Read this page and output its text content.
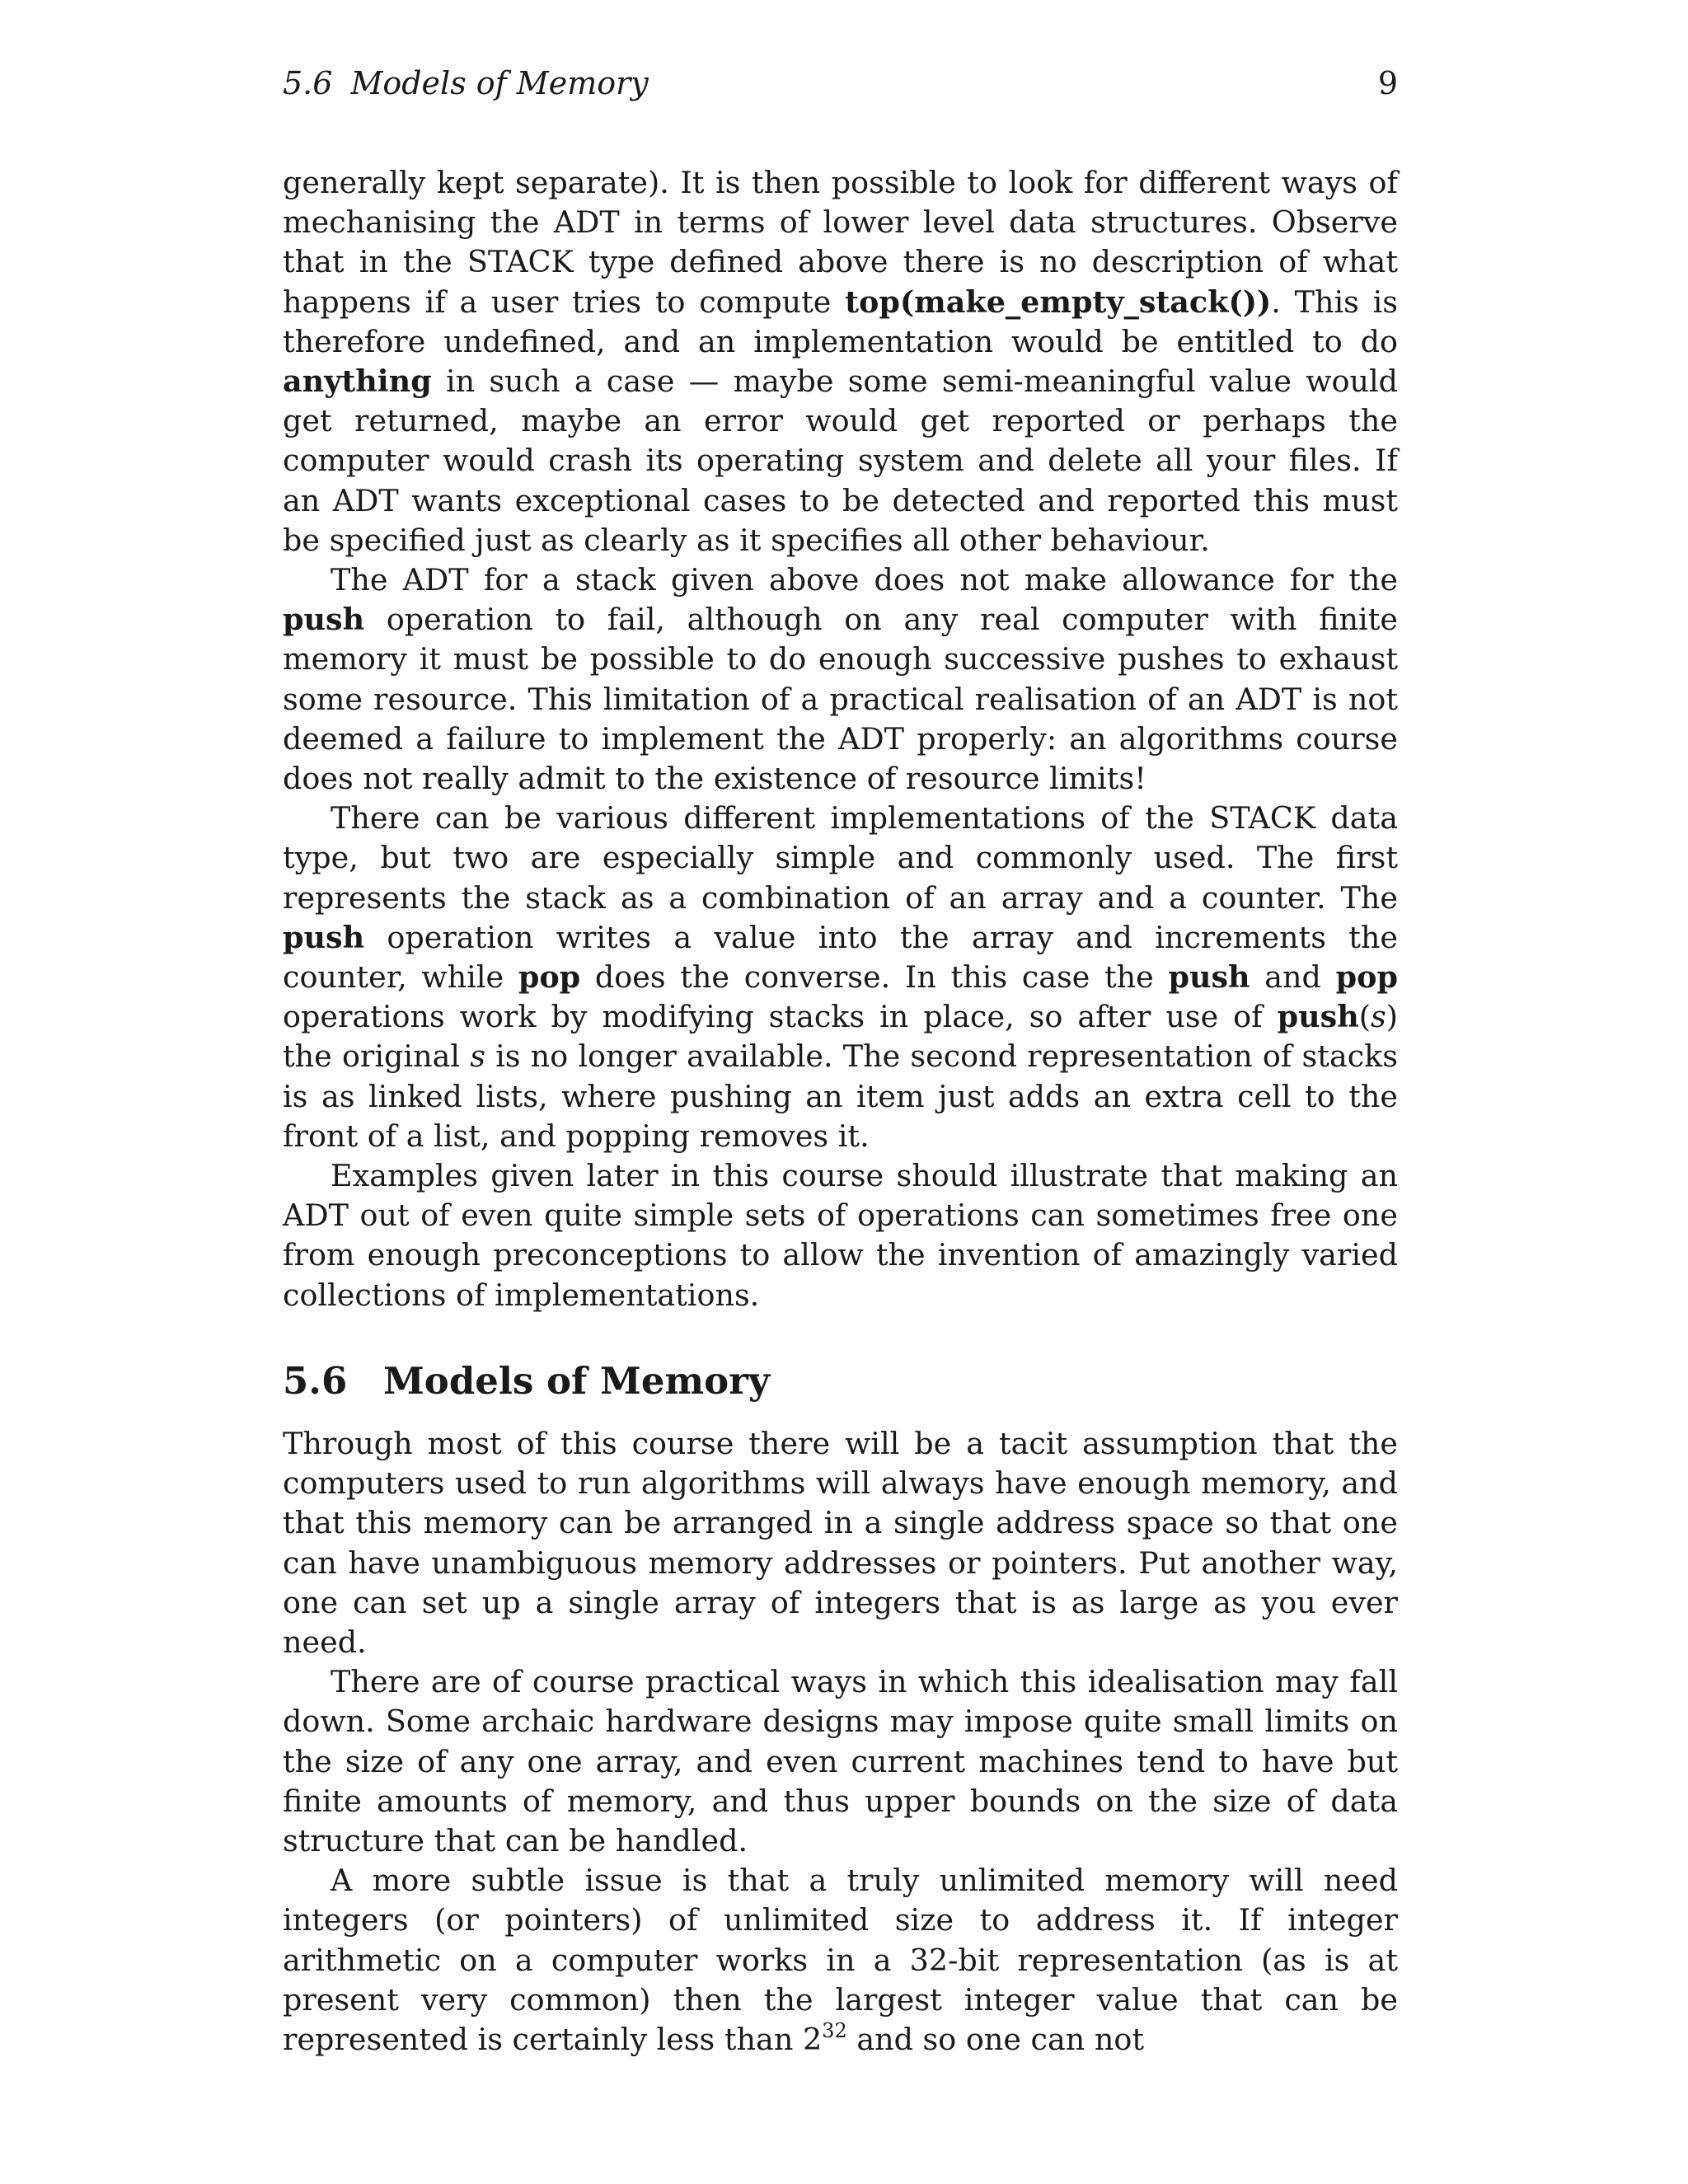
5.6 Models of Memory	9

generally kept separate). It is then possible to look for different ways of mechanising the ADT in terms of lower level data structures. Observe that in the STACK type defined above there is no description of what happens if a user tries to compute top(make_empty_stack()). This is therefore undefined, and an implementation would be entitled to do anything in such a case — maybe some semi-meaningful value would get returned, maybe an error would get reported or perhaps the computer would crash its operating system and delete all your files. If an ADT wants exceptional cases to be detected and reported this must be specified just as clearly as it specifies all other behaviour.

The ADT for a stack given above does not make allowance for the push operation to fail, although on any real computer with finite memory it must be possible to do enough successive pushes to exhaust some resource. This limitation of a practical realisation of an ADT is not deemed a failure to implement the ADT properly: an algorithms course does not really admit to the existence of resource limits!

There can be various different implementations of the STACK data type, but two are especially simple and commonly used. The first represents the stack as a combination of an array and a counter. The push operation writes a value into the array and increments the counter, while pop does the converse. In this case the push and pop operations work by modifying stacks in place, so after use of push(s) the original s is no longer available. The second representation of stacks is as linked lists, where pushing an item just adds an extra cell to the front of a list, and popping removes it.

Examples given later in this course should illustrate that making an ADT out of even quite simple sets of operations can sometimes free one from enough preconceptions to allow the invention of amazingly varied collections of implementations.

5.6 Models of Memory

Through most of this course there will be a tacit assumption that the computers used to run algorithms will always have enough memory, and that this memory can be arranged in a single address space so that one can have unambiguous memory addresses or pointers. Put another way, one can set up a single array of integers that is as large as you ever need.

There are of course practical ways in which this idealisation may fall down. Some archaic hardware designs may impose quite small limits on the size of any one array, and even current machines tend to have but finite amounts of memory, and thus upper bounds on the size of data structure that can be handled.

A more subtle issue is that a truly unlimited memory will need integers (or pointers) of unlimited size to address it. If integer arithmetic on a computer works in a 32-bit representation (as is at present very common) then the largest integer value that can be represented is certainly less than $2^{32}$ and so one can not
